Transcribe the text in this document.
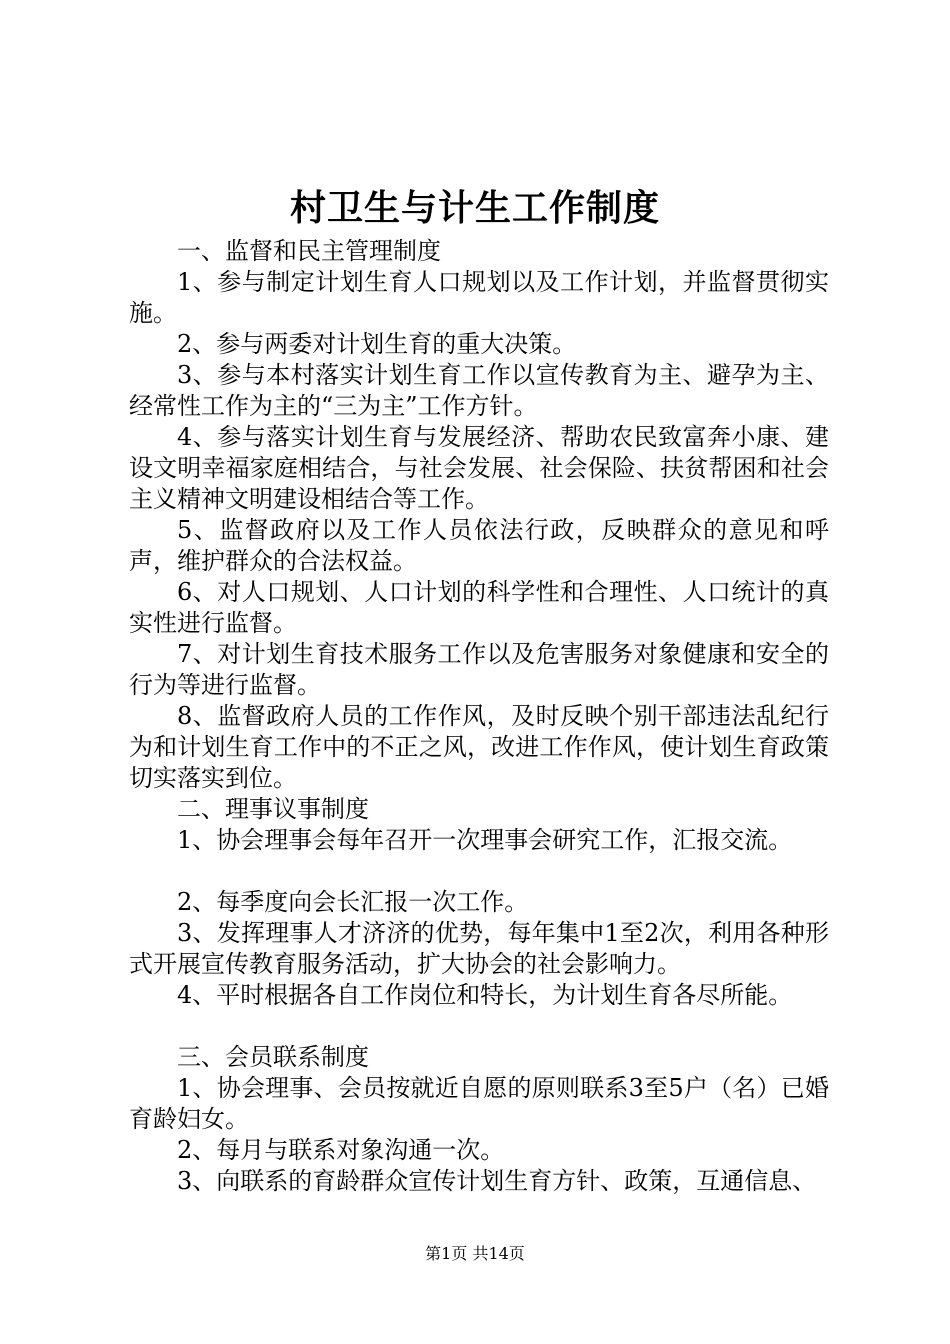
村卫生与计生工作制度

一、监督和民主管理制度

1、参与制定计划生育人口规划以及工作计划，并监督贯彻实施。

2、参与两委对计划生育的重大决策。

3、参与本村落实计划生育工作以宣传教育为主、避孕为主、经常性工作为主的“三为主”工作方针。

4、参与落实计划生育与发展经济、帮助农民致富奔小康、建设文明幸福家庭相结合，与社会发展、社会保险、扶贫帮困和社会主义精神文明建设相结合等工作。

5、监督政府以及工作人员依法行政，反映群众的意见和呼声，维护群众的合法权益。

6、对人口规划、人口计划的科学性和合理性、人口统计的真实性进行监督。

7、对计划生育技术服务工作以及危害服务对象健康和安全的行为等进行监督。

8、监督政府人员的工作作风，及时反映个别干部违法乱纪行为和计划生育工作中的不正之风，改进工作作风，使计划生育政策切实落实到位。

二、理事议事制度

1、协会理事会每年召开一次理事会研究工作，汇报交流。

2、每季度向会长汇报一次工作。

3、发挥理事人才济济的优势，每年集中1至2次，利用各种形式开展宣传教育服务活动，扩大协会的社会影响力。

4、平时根据各自工作岗位和特长，为计划生育各尽所能。

三、会员联系制度

1、协会理事、会员按就近自愿的原则联系3至5户（名）已婚育龄妇女。

2、每月与联系对象沟通一次。

3、向联系的育龄群众宣传计划生育方针、政策，互通信息、

第1页 共14页
